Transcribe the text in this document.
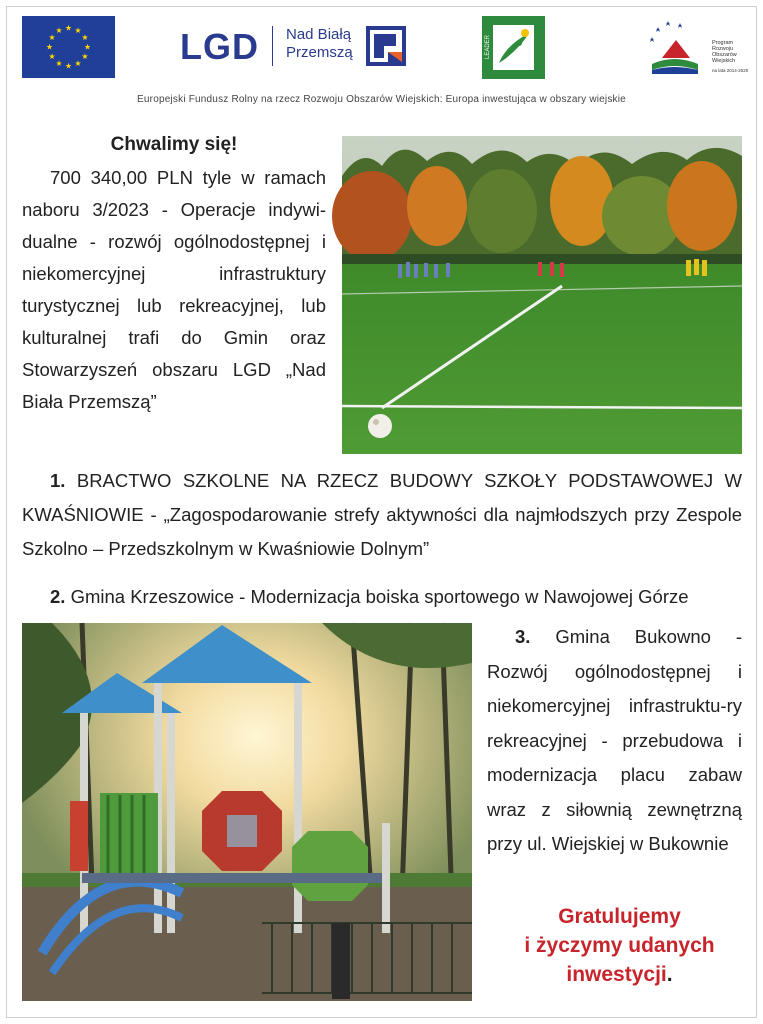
LGD Nad Białą
Przemszą	LEADER	Program
Rozwoju
Obszarów
Wiejskich
na lata 2014-2020
Europejski Fundusz Rolny na rzecz Rozwoju Obszarów Wiejskich: Europa inwestująca w obszary wiejskie
Chwalimy się!

700 340,00 PLN tyle w ramach naboru 3/2023 - Operacje indywi-dualne - rozwój ogólnodostępnej i niekomercyjnej infrastruktury turystycznej lub rekreacyjnej, lub kulturalnej trafi do Gmin oraz Stowarzyszeń obszaru LGD „Nad Biała Przemszą”

1. BRACTWO SZKOLNE NA RZECZ BUDOWY SZKOŁY PODSTAWOWEJ W KWAŚNIOWIE - „Zagospodarowanie strefy aktywności dla najmłodszych przy Zespole Szkolno – Przedszkolnym w Kwaśniowie Dolnym”
2. Gmina Krzeszowice - Modernizacja boiska sportowego w Nawojowej Górze
3. Gmina Bukowno - Rozwój ogólnodostępnej i niekomercyjnej infrastruktu-ry rekreacyjnej - przebudowa i modernizacja placu zabaw wraz z siłownią zewnętrzną przy ul. Wiejskiej w Bukownie
Gratulujemy
i życzymy udanych
inwestycji.
